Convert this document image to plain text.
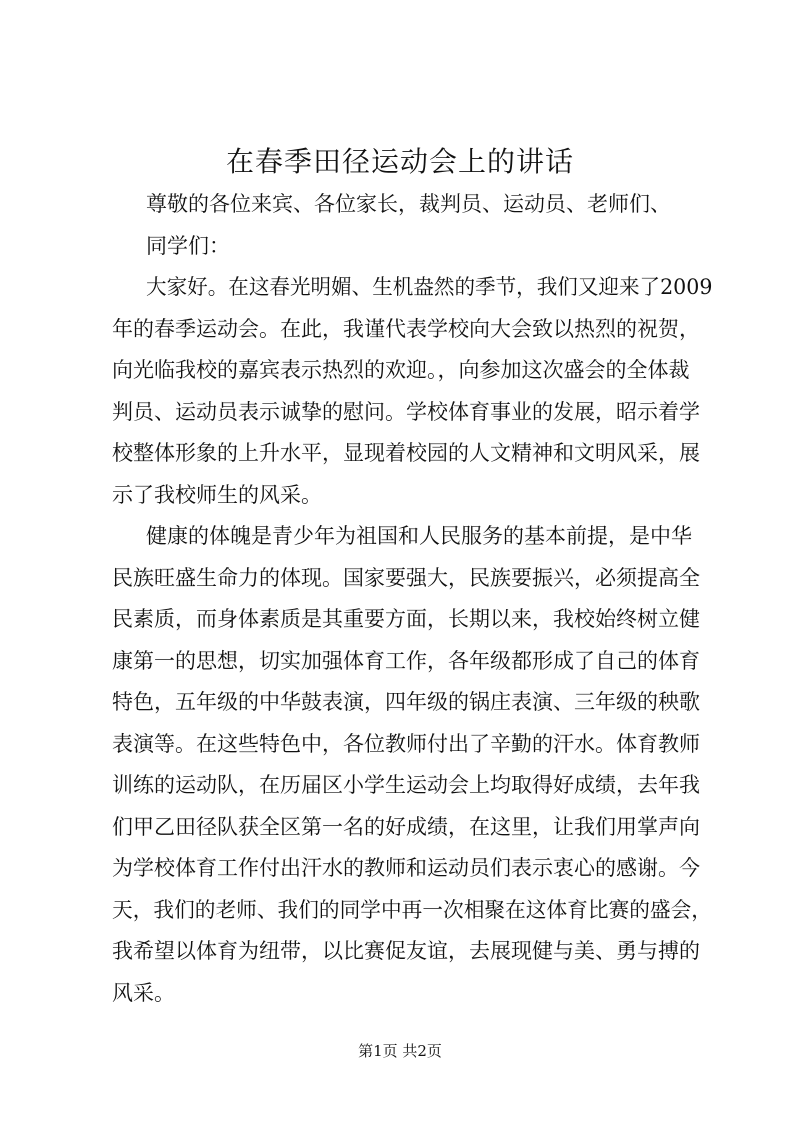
在春季田径运动会上的讲话

尊敬的各位来宾、各位家长，裁判员、运动员、老师们、

同学们：

大家好。在这春光明媚、生机盎然的季节，我们又迎来了2009

年的春季运动会。在此，我谨代表学校向大会致以热烈的祝贺，

向光临我校的嘉宾表示热烈的欢迎。，向参加这次盛会的全体裁

判员、运动员表示诚挚的慰问。学校体育事业的发展，昭示着学

校整体形象的上升水平，显现着校园的人文精神和文明风采，展

示了我校师生的风采。

健康的体魄是青少年为祖国和人民服务的基本前提，是中华

民族旺盛生命力的体现。国家要强大，民族要振兴，必须提高全

民素质，而身体素质是其重要方面，长期以来，我校始终树立健

康第一的思想，切实加强体育工作，各年级都形成了自己的体育

特色，五年级的中华鼓表演，四年级的锅庄表演、三年级的秧歌

表演等。在这些特色中，各位教师付出了辛勤的汗水。体育教师

训练的运动队，在历届区小学生运动会上均取得好成绩，去年我

们甲乙田径队获全区第一名的好成绩，在这里，让我们用掌声向

为学校体育工作付出汗水的教师和运动员们表示衷心的感谢。今

天，我们的老师、我们的同学中再一次相聚在这体育比赛的盛会，

我希望以体育为纽带，以比赛促友谊，去展现健与美、勇与搏的

风采。

第1页 共2页
